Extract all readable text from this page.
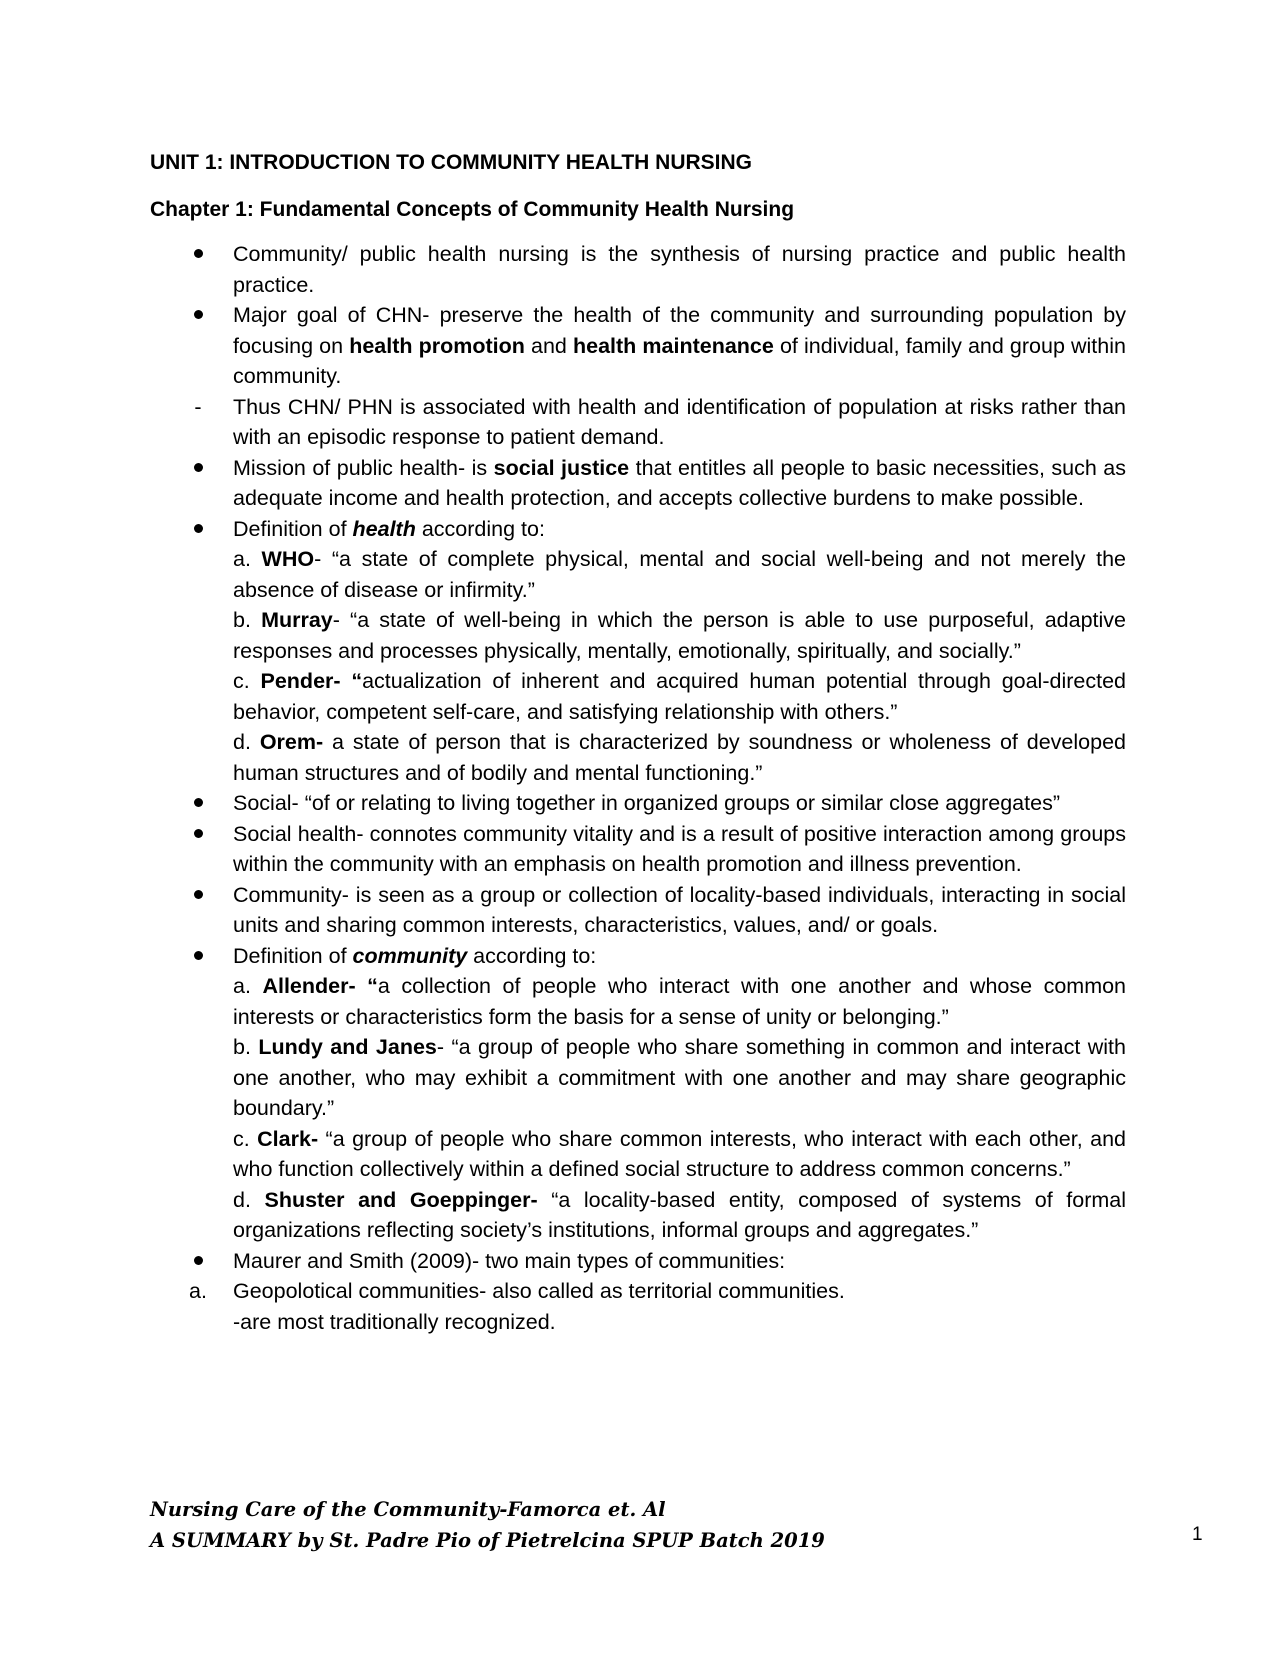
UNIT 1: INTRODUCTION TO COMMUNITY HEALTH NURSING
Chapter 1: Fundamental Concepts of Community Health Nursing
Community/ public health nursing is the synthesis of nursing practice and public health practice.
Major goal of CHN- preserve the health of the community and surrounding population by focusing on health promotion and health maintenance of individual, family and group within community.
-	Thus CHN/ PHN is associated with health and identification of population at risks rather than with an episodic response to patient demand.
Mission of public health- is social justice that entitles all people to basic necessities, such as adequate income and health protection, and accepts collective burdens to make possible.
Definition of health according to:
a. WHO- “a state of complete physical, mental and social well-being and not merely the absence of disease or infirmity.”
b. Murray- “a state of well-being in which the person is able to use purposeful, adaptive responses and processes physically, mentally, emotionally, spiritually, and socially.”
c. Pender- “actualization of inherent and acquired human potential through goal-directed behavior, competent self-care, and satisfying relationship with others.”
d. Orem- a state of person that is characterized by soundness or wholeness of developed human structures and of bodily and mental functioning.”
Social- “of or relating to living together in organized groups or similar close aggregates”
Social health- connotes community vitality and is a result of positive interaction among groups within the community with an emphasis on health promotion and illness prevention.
Community- is seen as a group or collection of locality-based individuals, interacting in social units and sharing common interests, characteristics, values, and/ or goals.
Definition of community according to:
a. Allender- “a collection of people who interact with one another and whose common interests or characteristics form the basis for a sense of unity or belonging.”
b. Lundy and Janes- “a group of people who share something in common and interact with one another, who may exhibit a commitment with one another and may share geographic boundary.”
c. Clark- “a group of people who share common interests, who interact with each other, and who function collectively within a defined social structure to address common concerns.”
d. Shuster and Goeppinger- “a locality-based entity, composed of systems of formal organizations reflecting society’s institutions, informal groups and aggregates.”
Maurer and Smith (2009)- two main types of communities:
a. Geopolotical communities- also called as territorial communities.
-are most traditionally recognized.
Nursing Care of the Community-Famorca et. Al
A SUMMARY by St. Padre Pio of Pietrelcina SPUP Batch 2019	1
